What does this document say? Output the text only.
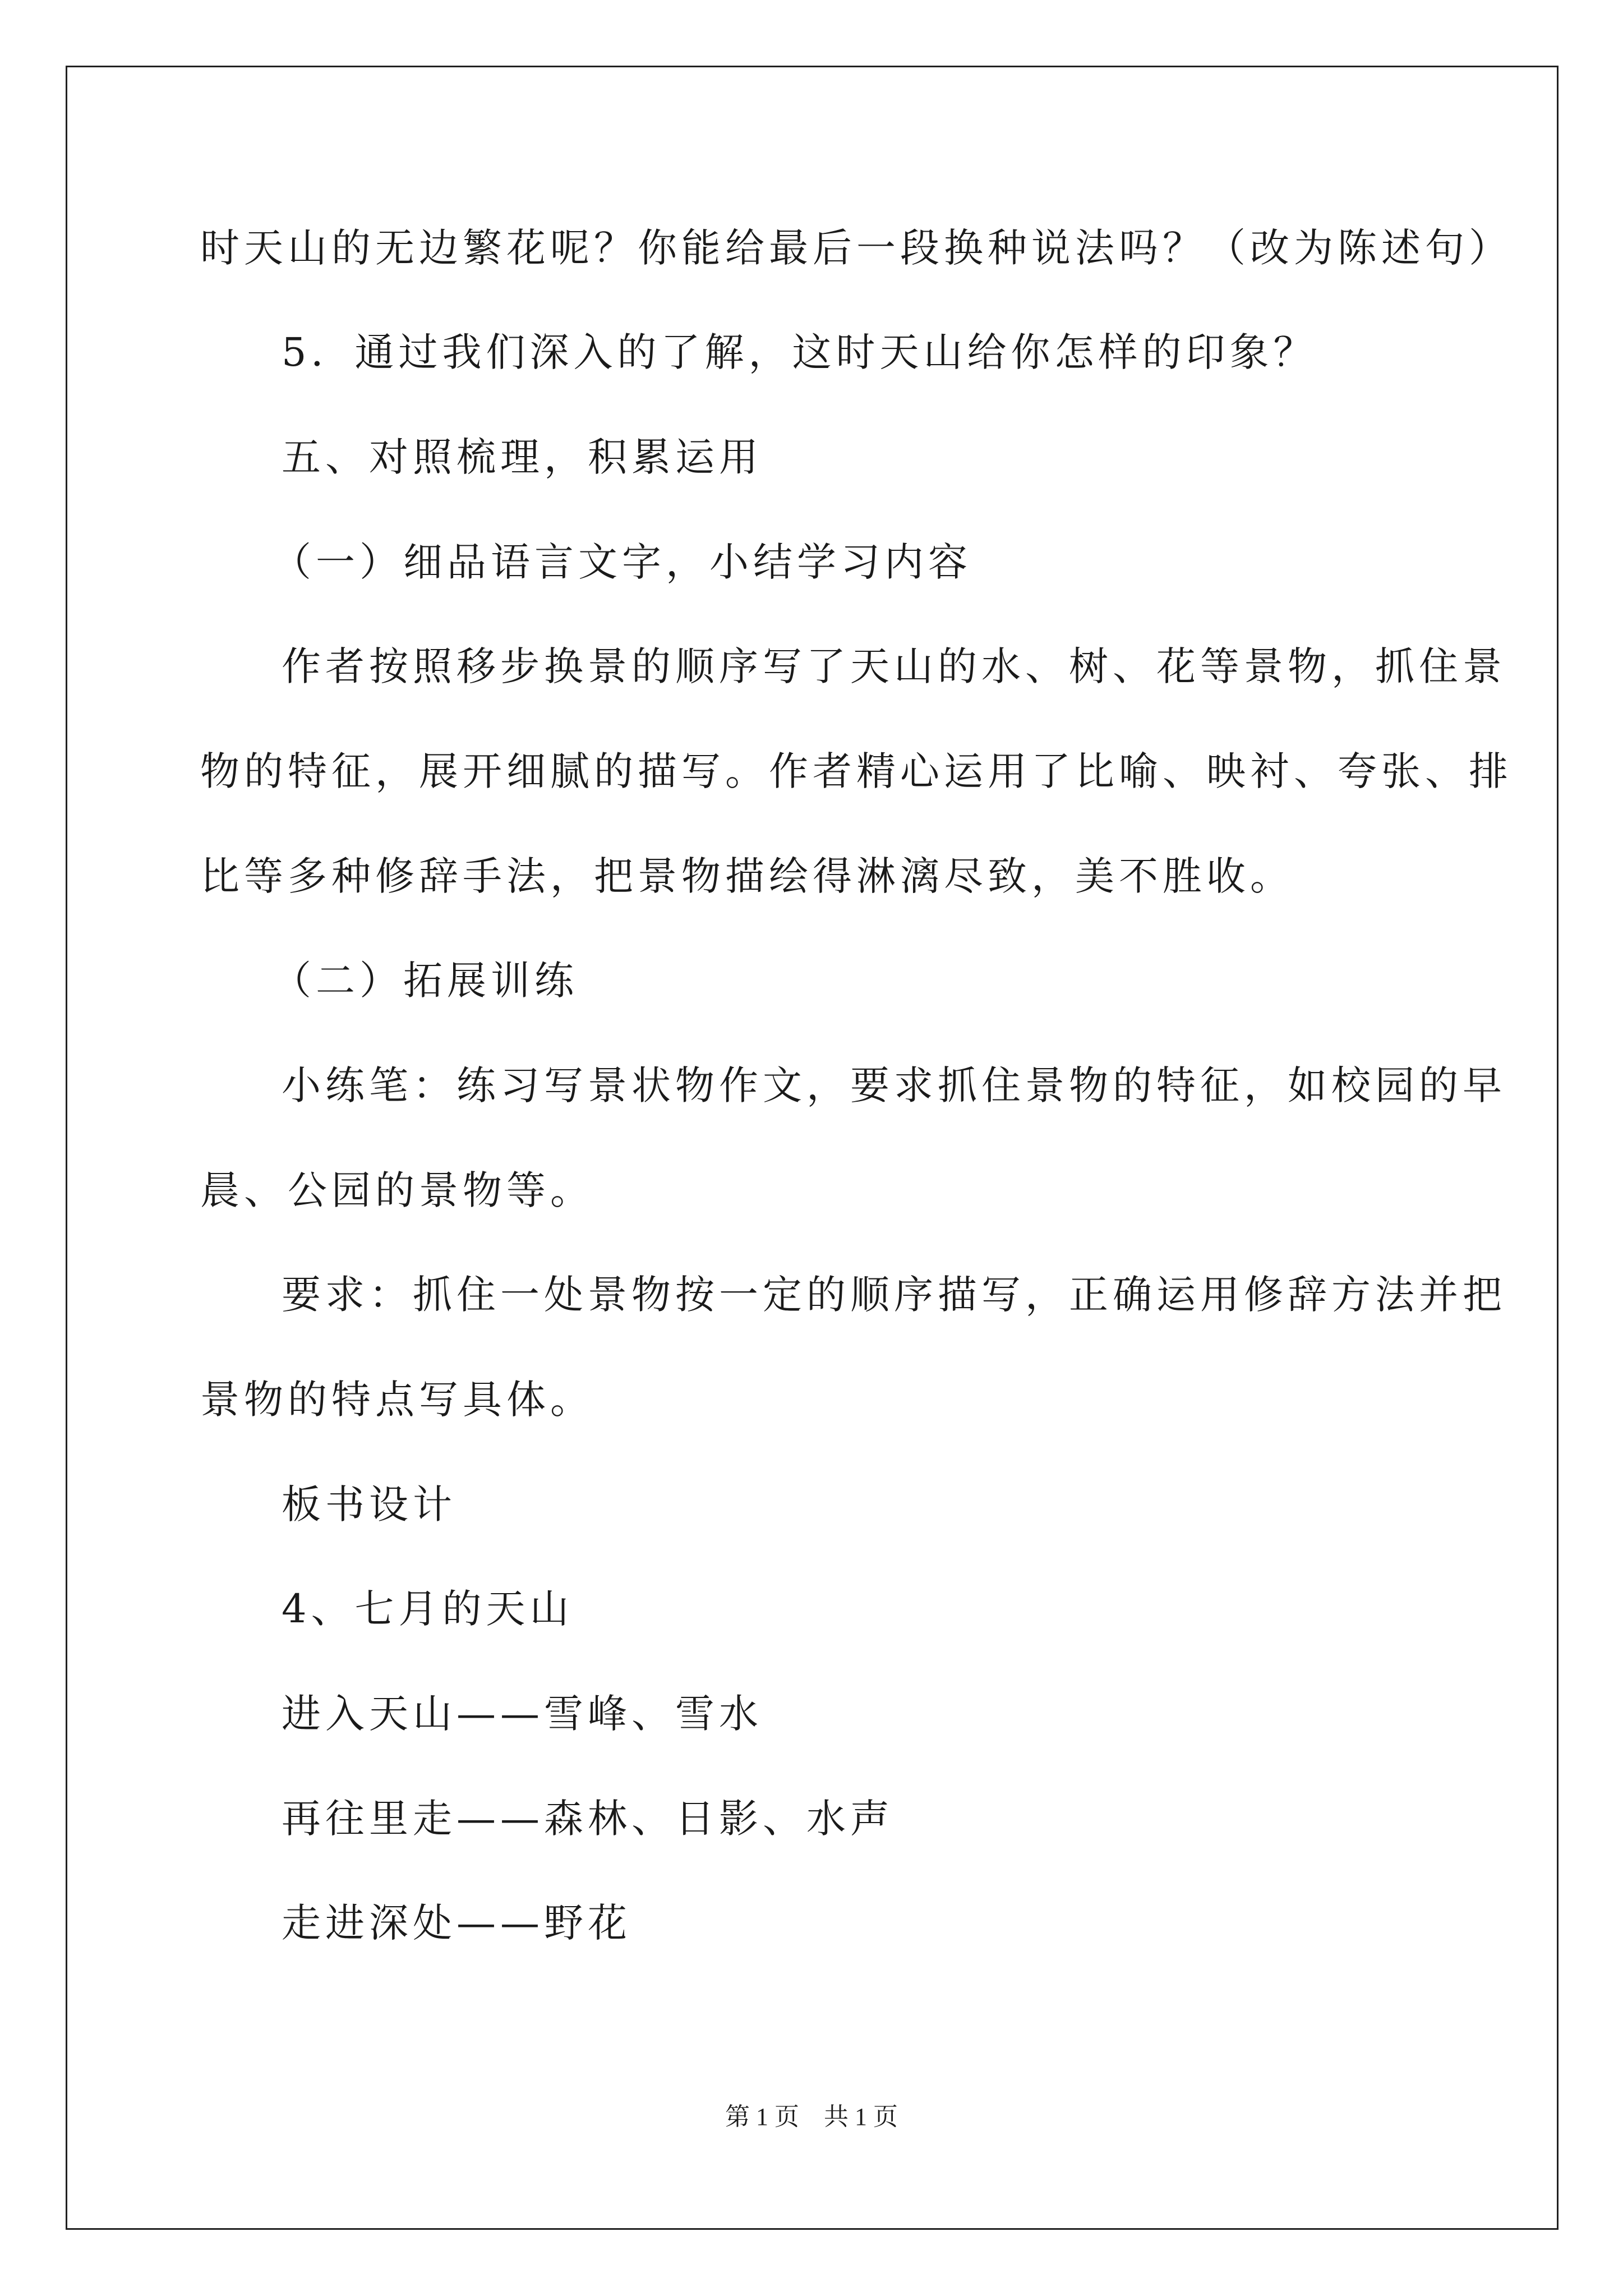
时天山的无边繁花呢？你能给最后一段换种说法吗？（改为陈述句）
5．通过我们深入的了解，这时天山给你怎样的印象？
五、对照梳理，积累运用
（一）细品语言文字，小结学习内容
作者按照移步换景的顺序写了天山的水、树、花等景物，抓住景
物的特征，展开细腻的描写。作者精心运用了比喻、映衬、夸张、排
比等多种修辞手法，把景物描绘得淋漓尽致，美不胜收。
（二）拓展训练
小练笔：练习写景状物作文，要求抓住景物的特征，如校园的早
晨、公园的景物等。
要求：抓住一处景物按一定的顺序描写，正确运用修辞方法并把
景物的特点写具体。
板书设计
4、七月的天山
进入天山——雪峰、雪水
再往里走——森林、日影、水声
走进深处——野花
第 1 页　共 1 页
